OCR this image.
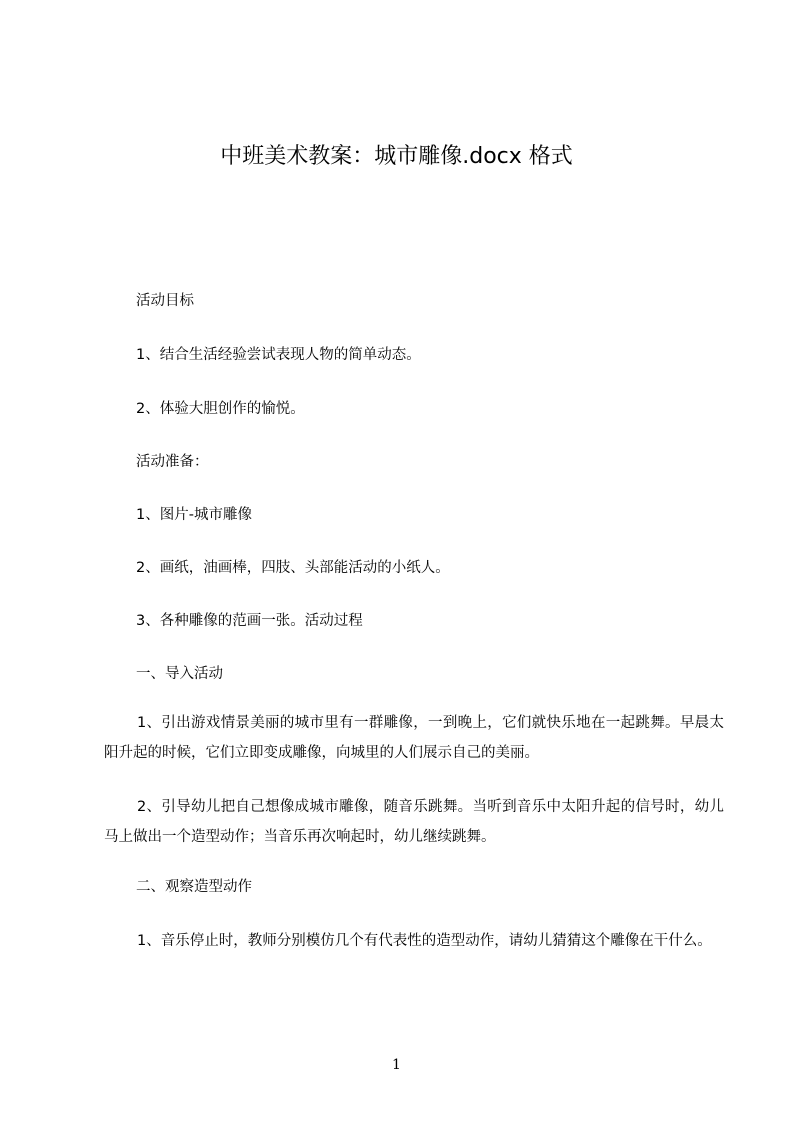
中班美术教案：城市雕像.docx 格式
活动目标
1、结合生活经验尝试表现人物的简单动态。
2、体验大胆创作的愉悦。
活动准备：
1、图片-城市雕像
2、画纸，油画棒，四肢、头部能活动的小纸人。
3、各种雕像的范画一张。活动过程
一、导入活动
1、引出游戏情景美丽的城市里有一群雕像，一到晚上，它们就快乐地在一起跳舞。早晨太阳升起的时候，它们立即变成雕像，向城里的人们展示自己的美丽。
2、引导幼儿把自己想像成城市雕像，随音乐跳舞。当听到音乐中太阳升起的信号时，幼儿马上做出一个造型动作；当音乐再次响起时，幼儿继续跳舞。
二、观察造型动作
1、音乐停止时，教师分别模仿几个有代表性的造型动作，请幼儿猜猜这个雕像在干什么。
1
